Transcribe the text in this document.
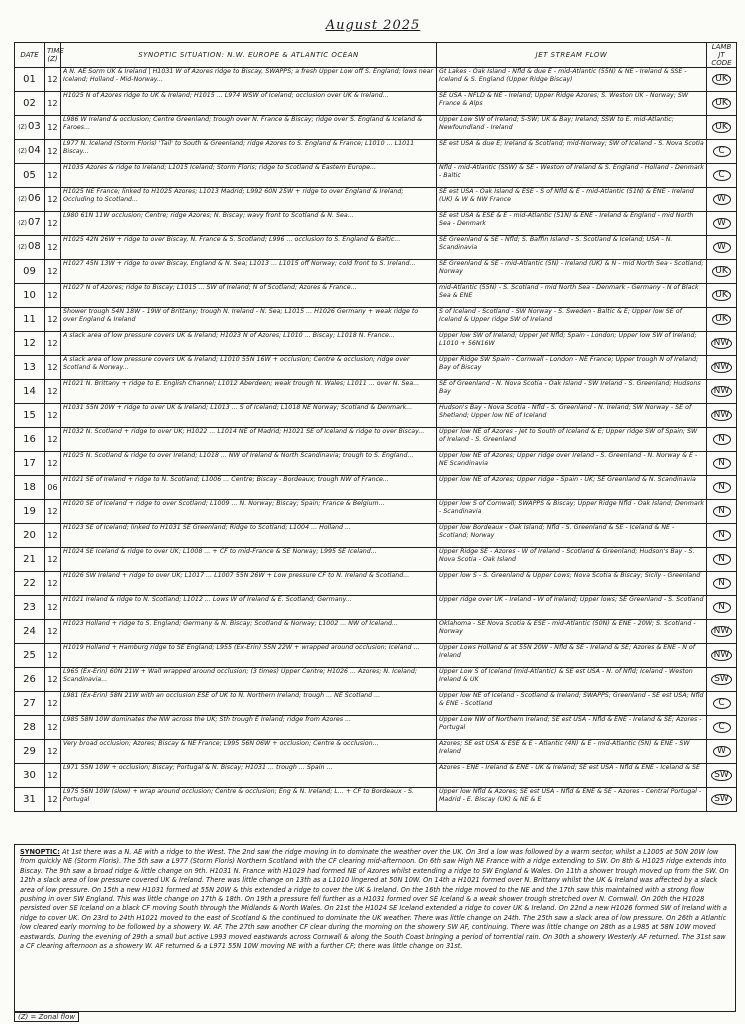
August 2025
DATE	TIME (Z)	SYNOPTIC SITUATION: N.W. EUROPE & ATLANTIC OCEAN	JET STREAM FLOW	LAMB JT CODE
01	12	A N. AE Sorm UK & Ireland | H1031 W of Azores ridge to Biscay, SWAPPS; a fresh Upper Low off S. England; lows near Iceland; Holland - Mid-Norway...	Gt Lakes - Oak Island - Nfld & due E - mid-Atlantic (55N) & NE - Ireland & SSE - Iceland & S. England (Upper Ridge Biscay)	UK
02	12	H1025 N of Azores ridge to UK & Ireland; H1015 ... L974 WSW of Iceland; occlusion over UK & Ireland...	SE USA - NFLD & NE - Ireland; Upper Ridge Azores; S. Weston UK - Norway; SW France & Alps	UK
(Z)03	12	L986 W Ireland & occlusion; Centre Greenland; trough over N. France & Biscay; ridge over S. England & Iceland & Faroes...	Upper Low SW of Ireland; S-SW; UK & Bay; Ireland; SSW to E. mid-Atlantic; Newfoundland - Ireland	UK
(Z)04	12	L977 N. Iceland (Storm Floris) 'Tail' to South & Greenland; ridge Azores to S. England & France; L1010 ... L1011 Biscay...	SE est USA & due E; Ireland & Scotland; mid-Norway; SW of Iceland - S. Nova Scotia	C
05	12	H1035 Azores & ridge to Ireland; L1015 Iceland; Storm Floris; ridge to Scotland & Eastern Europe...	Nfld - mid-Atlantic (SSW) & SE - Weston of Ireland & S. England - Holland - Denmark - Baltic	C
(Z)06	12	H1025 NE France; linked to H1025 Azores; L1013 Madrid; L992 60N 25W + ridge to over England & Ireland; Occluding to Scotland...	SE est USA - Oak Island & ESE - S of Nfld & E - mid-Atlantic (51N) & ENE - Ireland (UK) & W & NW France	W
(Z)07	12	L980 61N 11W occlusion; Centre; ridge Azores; N. Biscay; wavy front to Scotland & N. Sea...	SE est USA & ESE & E - mid-Atlantic (51N) & ENE - Ireland & England - mid North Sea - Denmark	W
(Z)08	12	H1025 42N 26W + ridge to over Biscay, N. France & S. Scotland; L996 ... occlusion to S. England & Baltic...	SE Greenland & SE - Nfld; S. Baffin Island - S. Scotland & Iceland; USA - N. Scandinavia	W
09	12	H1027 45N 13W + ridge to over Biscay, England & N. Sea; L1013 ... L1015 off Norway; cold front to S. Ireland...	SE Greenland & SE - mid-Atlantic (5N) - Ireland (UK) & N - mid North Sea - Scotland; Norway	UK
10	12	H1027 N of Azores; ridge to Biscay; L1015 ... SW of Ireland; N of Scotland; Azores & France...	mid-Atlantic (55N) - S. Scotland - mid North Sea - Denmark - Germany - N of Black Sea & ENE	UK
11	12	Shower trough 54N 18W - 19W of Brittany; trough N. Ireland - N. Sea; L1015 ... H1026 Germany + weak ridge to over England & Ireland	S of Iceland - Scotland - SW Norway - S. Sweden - Baltic & E; Upper low SE of Iceland & Upper ridge SW of Ireland	UK
12	12	A slack area of low pressure covers UK & Ireland; H1023 N of Azores; L1010 ... Biscay; L1018 N. France...	Upper low SW of Ireland; Upper Jet Nfld; Spain - London; Upper low SW of Ireland; L1010 + 56N16W	NW
13	12	A slack area of low pressure covers UK & Ireland; L1010 55N 16W + occlusion; Centre & occlusion; ridge over Scotland & Norway...	Upper Ridge SW Spain - Cornwall - London - NE France; Upper trough N of Ireland; Bay of Biscay	NW
14	12	H1021 N. Brittany + ridge to E. English Channel; L1012 Aberdeen; weak trough N. Wales; L1011 ... over N. Sea...	SE of Greenland - N. Nova Scotia - Oak Island - SW Ireland - S. Greenland; Hudsons Bay	NW
15	12	H1031 55N 20W + ridge to over UK & Ireland; L1013 ... S of Iceland; L1018 NE Norway; Scotland & Denmark...	Hudson's Bay - Nova Scotia - Nfld - S. Greenland - N. Ireland; SW Norway - SE of Shetland; Upper low NE of Iceland	NW
16	12	H1032 N. Scotland + ridge to over UK; H1022 ... L1014 NE of Madrid; H1021 SE of Iceland & ridge to over Biscay...	Upper low NE of Azores - Jet to South of Iceland & E; Upper ridge SW of Spain; SW of Ireland - S. Greenland	N
17	12	H1025 N. Scotland & ridge to over Ireland; L1018 ... NW of Ireland & North Scandinavia; trough to S. England...	Upper low NE of Azores; Upper ridge over Ireland - S. Greenland - N. Norway & E - NE Scandinavia	N
18	06	H1021 SE of Ireland + ridge to N. Scotland; L1006 ... Centre; Biscay - Bordeaux; trough NW of France...	Upper low NE of Azores; Upper ridge - Spain - UK; SE Greenland & N. Scandinavia	N
19	12	H1020 SE of Iceland + ridge to over Scotland; L1009 ... N. Norway; Biscay; Spain; France & Belgium...	Upper low S of Cornwall; SWAPPS & Biscay; Upper Ridge Nfld - Oak Island; Denmark - Scandinavia	N
20	12	H1023 SE of Iceland; linked to H1031 SE Greenland; Ridge to Scotland; L1004 ... Holland ...	Upper low Bordeaux - Oak Island; Nfld - S. Greenland & SE - Iceland & NE - Scotland; Norway	N
21	12	H1024 SE Iceland & ridge to over UK; L1008 ... + CF to mid-France & SE Norway; L995 SE Iceland...	Upper Ridge SE - Azores - W of Ireland - Scotland & Greenland; Hudson's Bay - S. Nova Scotia - Oak Island	N
22	12	H1026 SW Ireland + ridge to over UK; L1017 ... L1007 55N 26W + Low pressure CF to N. Ireland & Scotland...	Upper low S - S. Greenland & Upper Lows; Nova Scotia & Biscay; Sicily - Greenland	N
23	12	H1021 Ireland & ridge to N. Scotland; L1012 ... Lows W of Ireland & E. Scotland; Germany...	Upper ridge over UK - Ireland - W of Ireland; Upper lows; SE Greenland - S. Scotland	N
24	12	H1023 Holland + ridge to S. England; Germany & N. Biscay; Scotland & Norway; L1002 ... NW of Iceland...	Oklahoma - SE Nova Scotia & ESE - mid-Atlantic (50N) & ENE - 20W; S. Scotland - Norway	NW
25	12	H1019 Holland + Hamburg ridge to SE England; L955 (Ex-Erin) 55N 22W + wrapped around occlusion; Iceland ...	Upper Lows Holland & at 55N 20W - Nfld & SE - Ireland & SE; Azores & ENE - N of Ireland	NW
26	12	L965 (Ex-Erin) 60N 21W + Wall wrapped around occlusion; (3 times) Upper Centre; H1026 ... Azores; N. Iceland; Scandinavia...	Upper Low S of Iceland (mid-Atlantic) & SE est USA - N. of Nfld; Iceland - Weston Ireland & UK	SW
27	12	L981 (Ex-Erin) 58N 21W with an occlusion ESE of UK to N. Northern Ireland; trough ... NE Scotland ...	Upper low NE of Iceland - Scotland & Ireland; SWAPPS; Greenland - SE est USA; Nfld & ENE - Scotland	C
28	12	L985 58N 10W dominates the NW across the UK; Sth trough E Ireland; ridge from Azores ...	Upper Low NW of Northern Ireland; SE est USA - Nfld & ENE - Ireland & SE; Azores - Portugal	C
29	12	Very broad occlusion; Azores; Biscay & NE France; L995 56N 06W + occlusion; Centre & occlusion...	Azores; SE est USA & ESE & E - Atlantic (4N) & E - mid-Atlantic (5N) & ENE - SW Ireland	W
30	12	L971 55N 10W + occlusion; Biscay; Portugal & N. Biscay; H1031 ... trough ... Spain ...	Azores - ENE - Ireland & ENE - UK & Ireland; SE est USA - Nfld & ENE - Iceland & SE	SW
31	12	L975 56N 10W (slow) + wrap around occlusion; Centre & occlusion; Eng & N. Ireland; L... + CF to Bordeaux - S. Portugal	Upper low Nfld & Azores; SE est USA - Nfld & ENE & SE - Azores - Central Portugal - Madrid - E. Biscay (UK) & NE & E	SW
SYNOPTIC: At 1st there was a N. AE with a ridge to the West. The 2nd saw the ridge moving in to dominate the weather over the UK. On 3rd a low was followed by a warm sector, whilst a L1005 at 50N 20W low from quickly NE (Storm Floris). The 5th saw a L977 (Storm Floris) Northern Scotland with the CF clearing mid-afternoon. On 6th saw High NE France with a ridge extending to SW. On 8th & H1025 ridge extends into Biscay. The 9th saw a broad ridge & little change on 9th. H1031 N. France with H1029 had formed NE of Azores whilst extending a ridge to SW England & Wales. On 11th a shower trough moved up from the SW. On 12th a slack area of low pressure covered UK & Ireland. There was little change on 13th as a L1010 lingered at 50N 10W. On 14th a H1021 formed over N. Brittany whilst the UK & Ireland was affected by a slack area of low pressure. On 15th a new H1031 formed at 55N 20W & this extended a ridge to cover the UK & Ireland. On the 16th the ridge moved to the NE and the 17th saw this maintained with a strong flow pushing in over SW England. This was little change on 17th & 18th. On 19th a pressure fell further as a H1031 formed over SE Iceland & a weak shower trough stretched over N. Cornwall. On 20th the H1028 persisted over SE Iceland on a black CF moving South through the Midlands & North Wales. On 21st the H1024 SE Iceland extended a ridge to cover UK & Ireland. On 22nd a new H1026 formed SW of Ireland with a ridge to cover UK. On 23rd to 24th H1021 moved to the east of Scotland & the continued to dominate the UK weather. There was little change on 24th. The 25th saw a slack area of low pressure. On 26th a Atlantic low cleared early morning to be followed by a showery W. AF. The 27th saw another CF clear during the morning on the showery SW AF, continuing. There was little change on 28th as a L985 at 58N 10W moved eastwards. During the evening of 29th a small but active L993 moved eastwards across Cornwall & along the South Coast bringing a period of torrential rain. On 30th a showery Westerly AF returned. The 31st saw a CF clearing afternoon as a showery W. AF returned & a L971 55N 10W moving NE with a further CF; there was little change on 31st.
(Z) = Zonal flow
